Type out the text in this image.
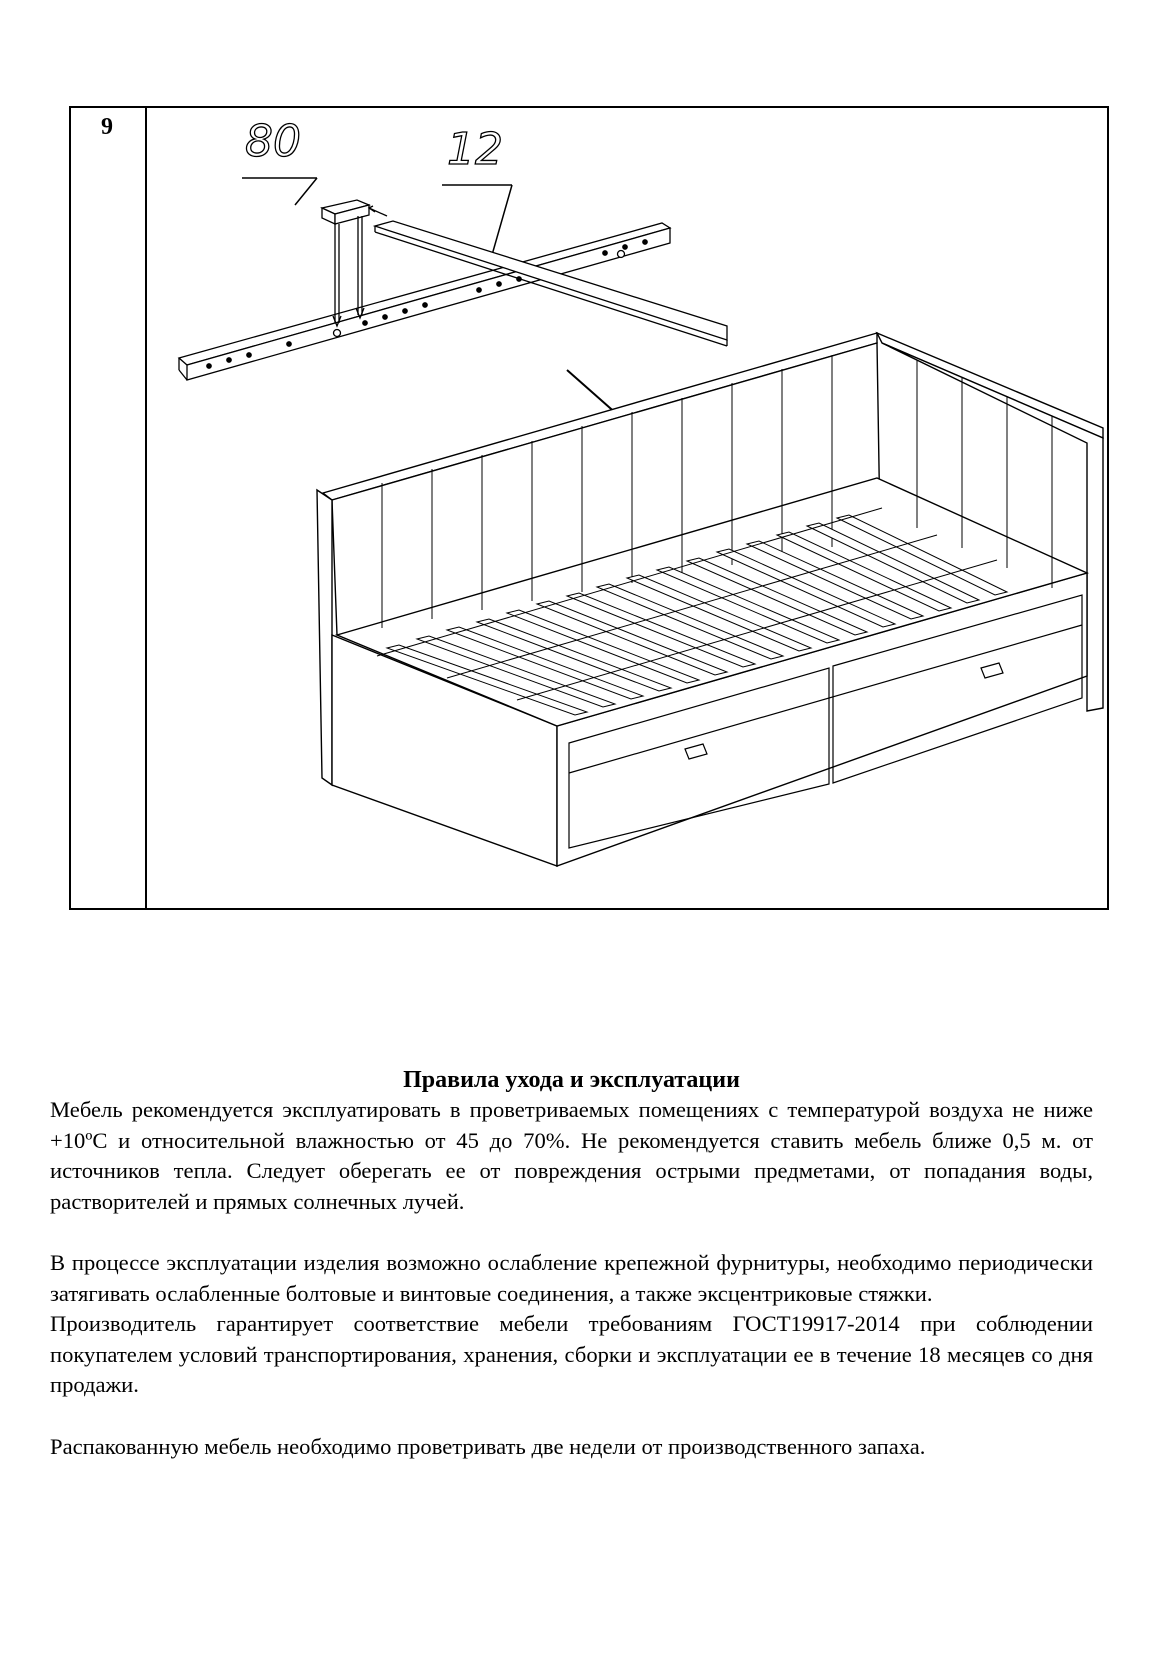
9	80	12
Правила ухода и эксплуатации

Мебель рекомендуется эксплуатировать в проветриваемых помещениях с температурой воздуха не ниже +10ºС и относительной влажностью от 45 до 70%. Не рекомендуется ставить мебель ближе 0,5 м. от источников тепла. Следует оберегать ее от повреждения острыми предметами, от попадания воды, растворителей и прямых солнечных лучей.

В процессе эксплуатации изделия возможно ослабление крепежной фурнитуры, необходимо периодически затягивать ослабленные болтовые и винтовые соединения, а также эксцентриковые стяжки.

Производитель гарантирует соответствие мебели требованиям ГОСТ19917-2014 при соблюдении покупателем условий транспортирования, хранения, сборки и эксплуатации ее в течение 18 месяцев со дня продажи.

Распакованную мебель необходимо проветривать две недели от производственного запаха.
